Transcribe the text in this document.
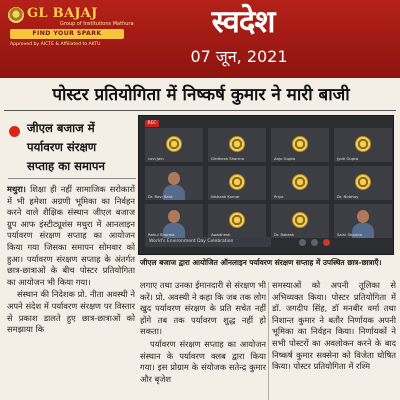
GL BAJAJ
Group of Institutions Mathura
FIND YOUR SPARK
Approved by AICTE & Affiliated to AKTU
स्वदेश
07 जून, 2021
पोस्टर प्रतियोगिता में निष्कर्ष कुमार ने मारी बाजी
जीएल बजाज में
पर्यावरण संरक्षण
सप्ताह का समापन
REC
World's Environment Day Celebration
Lovi Jain	Girdhesh Sharma	Anju Gupta	Jyoti Gupta
Dr. Ravi Kant	Nishank Kumar	Priya	Dr. Nirbhay
Rahul Sharma	Awadhesh	Dr. Rakesh	Saini Sharma
जीएल बजाज द्वारा आयोजित ऑनलाइन पर्यावरण संरक्षण सप्ताह में उपस्थित छात्र-छात्राएँ।

मथुरा। शिक्षा ही नहीं सामाजिक सरोकारों में भी हमेशा अग्रणी भूमिका का निर्वहन करने वाले शैक्षिक संस्थान जीएल बजाज ग्रुप आफ इंस्टीट्यूशंस मथुरा में आनलाइन पर्यावरण संरक्षण सप्ताह का आयोजन किया गया जिसका समापन सोमवार को हुआ। पर्यावरण संरक्षण सप्ताह के अंतर्गत छात्र-छात्राओं के बीच पोस्टर प्रतियोगिता का आयोजन भी किया गया।

संस्थान की निदेशक प्रो. नीता अवस्थी ने अपने संदेश में पर्यावरण संरक्षण पर विस्तार से प्रकाश डालते हुए छात्र-छात्राओं को समझाया कि

लगाए तथा उनका ईमानदारी से संरक्षण भी करें। प्रो. अवस्थी ने कहा कि जब तक लोग खुद पर्यावरण संरक्षण के प्रति सचेत नहीं होंगे तब तक पर्यावरण शुद्ध नहीं हो सकता।

पर्यावरण संरक्षण सप्ताह का आयोजन संस्थान के पर्यावरण क्लब द्वारा किया गया। इस प्रोग्राम के संयोजक सतेन्द्र कुमार और बृजेश

समस्याओं को अपनी तूलिका से अभिव्यक्त किया। पोस्टर प्रतियोगिता में डॉ. जगदीप सिंह, डॉ मनबीर वर्मा तथा निशान्त कुमार ने बतौर निर्णायक अपनी भूमिका का निर्वहन किया। निर्णायकों ने सभी पोस्टरों का अवलोकन करने के बाद निष्कर्ष कुमार सक्सेना को विजेता घोषित किया। पोस्टर प्रतियोगिता में रश्मि
